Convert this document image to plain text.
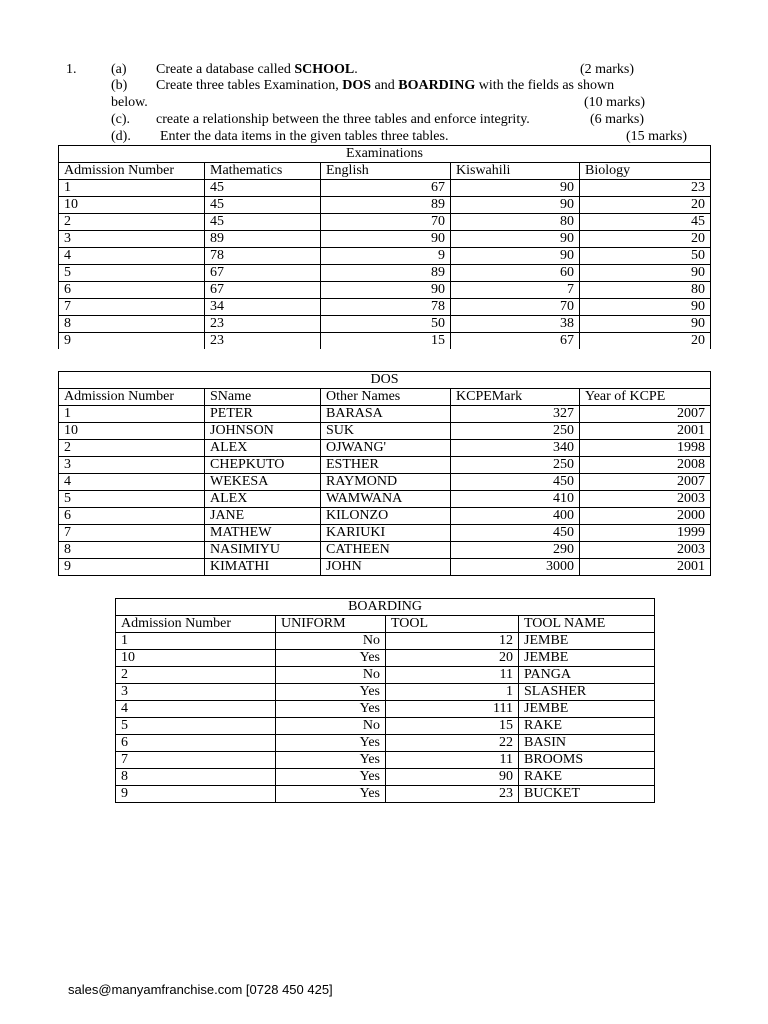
1. (a) Create a database called SCHOOL.	(2 marks)
(b) Create three tables Examination, DOS and BOARDING with the fields as shown
below.	(10 marks)
(c). create a relationship between the three tables and enforce integrity.	(6 marks)
(d). Enter the data items in the given tables three tables.	(15 marks)
Examinations				
Admission Number	Mathematics	English	Kiswahili	Biology
1	45	67	90	23
10	45	89	90	20
2	45	70	80	45
3	89	90	90	20
4	78	9	90	50
5	67	89	60	90
6	67	90	7	80
7	34	78	70	90
8	23	50	38	90
9	23	15	67	20
DOS				
Admission Number	SName	Other Names	KCPEMark	Year of KCPE
1	PETER	BARASA	327	2007
10	JOHNSON	SUK	250	2001
2	ALEX	OJWANG'	340	1998
3	CHEPKUTO	ESTHER	250	2008
4	WEKESA	RAYMOND	450	2007
5	ALEX	WAMWANA	410	2003
6	JANE	KILONZO	400	2000
7	MATHEW	KARIUKI	450	1999
8	NASIMIYU	CATHEEN	290	2003
9	KIMATHI	JOHN	3000	2001
BOARDING			
Admission Number	UNIFORM	TOOL	TOOL NAME
1	No	12	JEMBE
10	Yes	20	JEMBE
2	No	11	PANGA
3	Yes	1	SLASHER
4	Yes	111	JEMBE
5	No	15	RAKE
6	Yes	22	BASIN
7	Yes	11	BROOMS
8	Yes	90	RAKE
9	Yes	23	BUCKET
sales@manyamfranchise.com [0728 450 425]
